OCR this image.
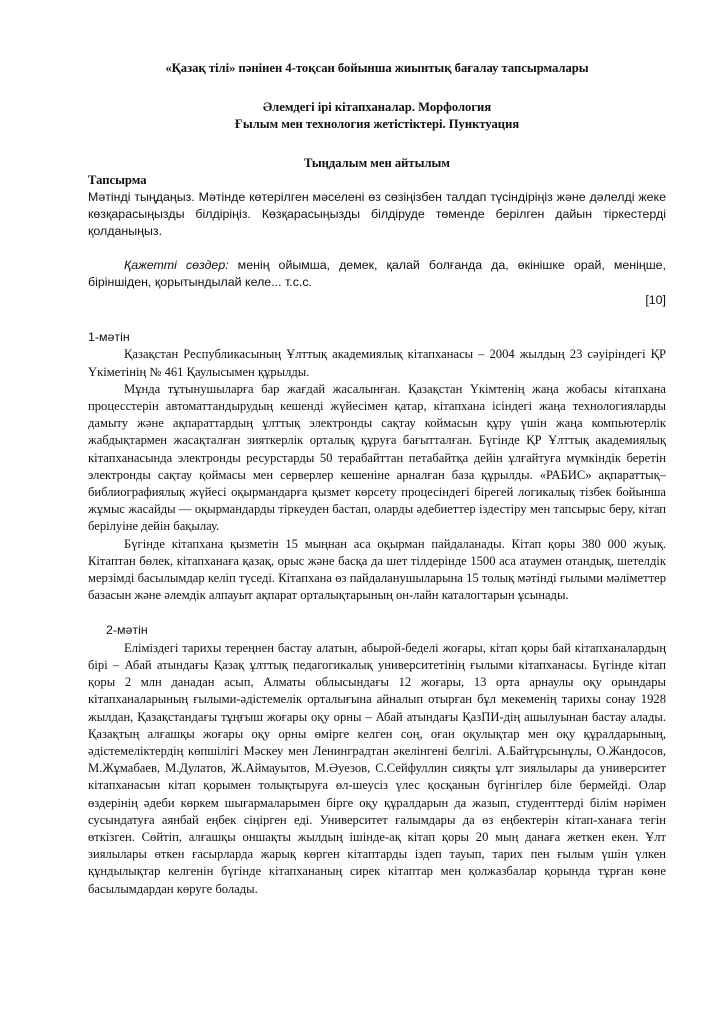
«Қазақ тілі» пәнінен 4-тоқсан бойынша жиынтық бағалау тапсырмалары

Әлемдегі ірі кітапханалар. Морфология

Ғылым мен технология жетістіктері. Пунктуация

Тыңдалым мен айтылым

Тапсырма

Мәтінді тыңдаңыз. Мәтінде көтерілген мәселені өз сөзіңізбен талдап түсіндіріңіз және дәлелді жеке көзқарасыңызды білдіріңіз. Көзқарасыңызды білдіруде төменде берілген дайын тіркестерді қолданыңыз.

Қажетті сөздер: менің ойымша, демек, қалай болғанда да, өкінішке орай, меніңше, біріншіден, қорытындылай келе... т.с.с.

[10]

1-мәтін

Қазақстан Республикасының Ұлттық академиялық кітапханасы – 2004 жылдың 23 сәуіріндегі ҚР Үкіметінің № 461 Қаулысымен құрылды.

Мұнда тұтынушыларға бар жағдай жасалынған. Қазақстан Үкімтенің жаңа жобасы кітапхана процесстерін автоматтандырудың кешенді жүйесімен қатар, кітапхана ісіндегі жаңа технологияларды дамыту және ақпараттардың ұлттық электронды сақтау коймасын құру үшін жаңа компьютерлік жабдықтармен жасақталған зияткерлік орталық құруға бағытталған. Бүгінде ҚР Ұлттық академиялық кітапханасында электронды ресурстарды 50 терабайттан петабайтқа дейін ұлғайтуға мүмкіндік беретін электронды сақтау қоймасы мен серверлер кешеніне арналған база құрылды. «РАБИС» ақпараттық–библиографиялық жүйесі оқырмандарға қызмет көрсету процесіндегі бірегей логикалық тізбек бойынша жұмыс жасайды — оқырмандарды тіркеуден бастап, оларды әдебиеттер іздестіру мен тапсырыс беру, кітап берілуіне дейін бақылау.

Бүгінде кітапхана қызметін 15 мыңнан аса оқырман пайдаланады. Кітап қоры 380 000 жуық. Кітаптан бөлек, кітапханаға қазақ, орыс және басқа да шет тілдерінде 1500 аса атаумен отандық, шетелдік мерзімді басылымдар келіп түседі. Кітапхана өз пайдаланушыларына 15 толық мәтінді ғылыми мәліметтер базасын және әлемдік алпауыт ақпарат орталықтарының он-лайн каталогтарын ұсынады.

2-мәтін

Еліміздегі тарихы тереңнен бастау алатын, абырой-беделі жоғары, кітап қоры бай кітапханалардың бірі – Абай атындағы Қазақ ұлттық педагогикалық университетінің ғылыми кітапханасы. Бүгінде кітап қоры 2 млн данадан асып, Алматы облысындағы 12 жоғары, 13 орта арнаулы оқу орындары кітапханаларының ғылыми-әдістемелік орталығына айналып отырған бұл мекеменің тарихы сонау 1928 жылдан, Қазақстандағы тұңғыш жоғары оқу орны – Абай атындағы ҚазПИ-дің ашылуынан бастау алады. Қазақтың алғашқы жоғары оқу орны өмірге келген соң, оған оқулықтар мен оқу құралдарының, әдістемеліктердің көпшілігі Мәскеу мен Ленинградтан әкелінгені белгілі. А.Байтұрсынұлы, О.Жандосов, М.Жұмабаев, М.Дулатов, Ж.Аймауытов, М.Әуезов, С.Сейфуллин сияқты ұлт зиялылары да университет кітапханасын кітап қорымен толықтыруға өл-шеусіз үлес қосқанын бүгінгілер біле бермейді. Олар өздерінің әдеби көркем шығармаларымен бірге оқу құралдарын да жазып, студенттерді білім нәрімен сусындатуға аянбай еңбек сіңірген еді. Университет ғалымдары да өз еңбектерін кітап-ханаға тегін өткізген. Сөйтіп, алғашқы оншақты жылдың ішінде-ақ кітап қоры 20 мың данаға жеткен екен. Ұлт зиялылары өткен ғасырларда жарық көрген кітаптарды іздеп тауып, тарих пен ғылым үшін үлкен құндылықтар келгенін бүгінде кітапхананың сирек кітаптар мен қолжазбалар қорында тұрған көне басылымдардан көруге болады.
